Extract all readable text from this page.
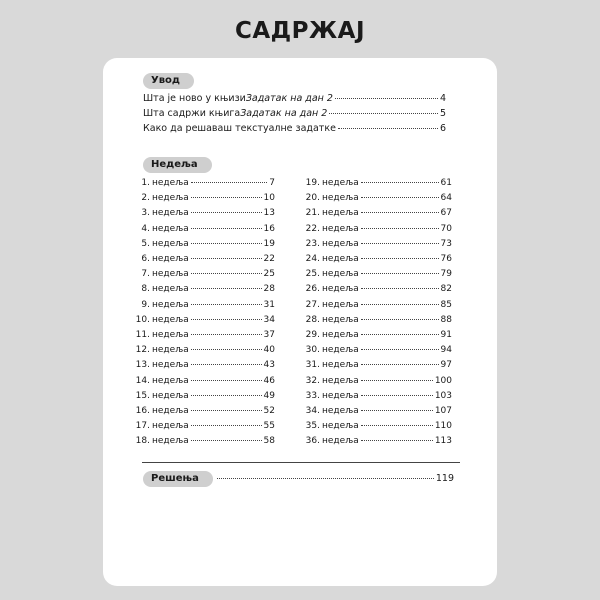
САДРЖАЈ
Увод
Шта је ново у књизи Задатак на дан 2	4
Шта садржи књига Задатак на дан 2	5
Како да решаваш текстуалне задатке	6
Недеља
1. недеља	7
2. недеља	10
3. недеља	13
4. недеља	16
5. недеља	19
6. недеља	22
7. недеља	25
8. недеља	28
9. недеља	31
10. недеља	34
11. недеља	37
12. недеља	40
13. недеља	43
14. недеља	46
15. недеља	49
16. недеља	52
17. недеља	55
18. недеља	58
19. недеља	61
20. недеља	64
21. недеља	67
22. недеља	70
23. недеља	73
24. недеља	76
25. недеља	79
26. недеља	82
27. недеља	85
28. недеља	88
29. недеља	91
30. недеља	94
31. недеља	97
32. недеља	100
33. недеља	103
34. недеља	107
35. недеља	110
36. недеља	113
Решења	119
